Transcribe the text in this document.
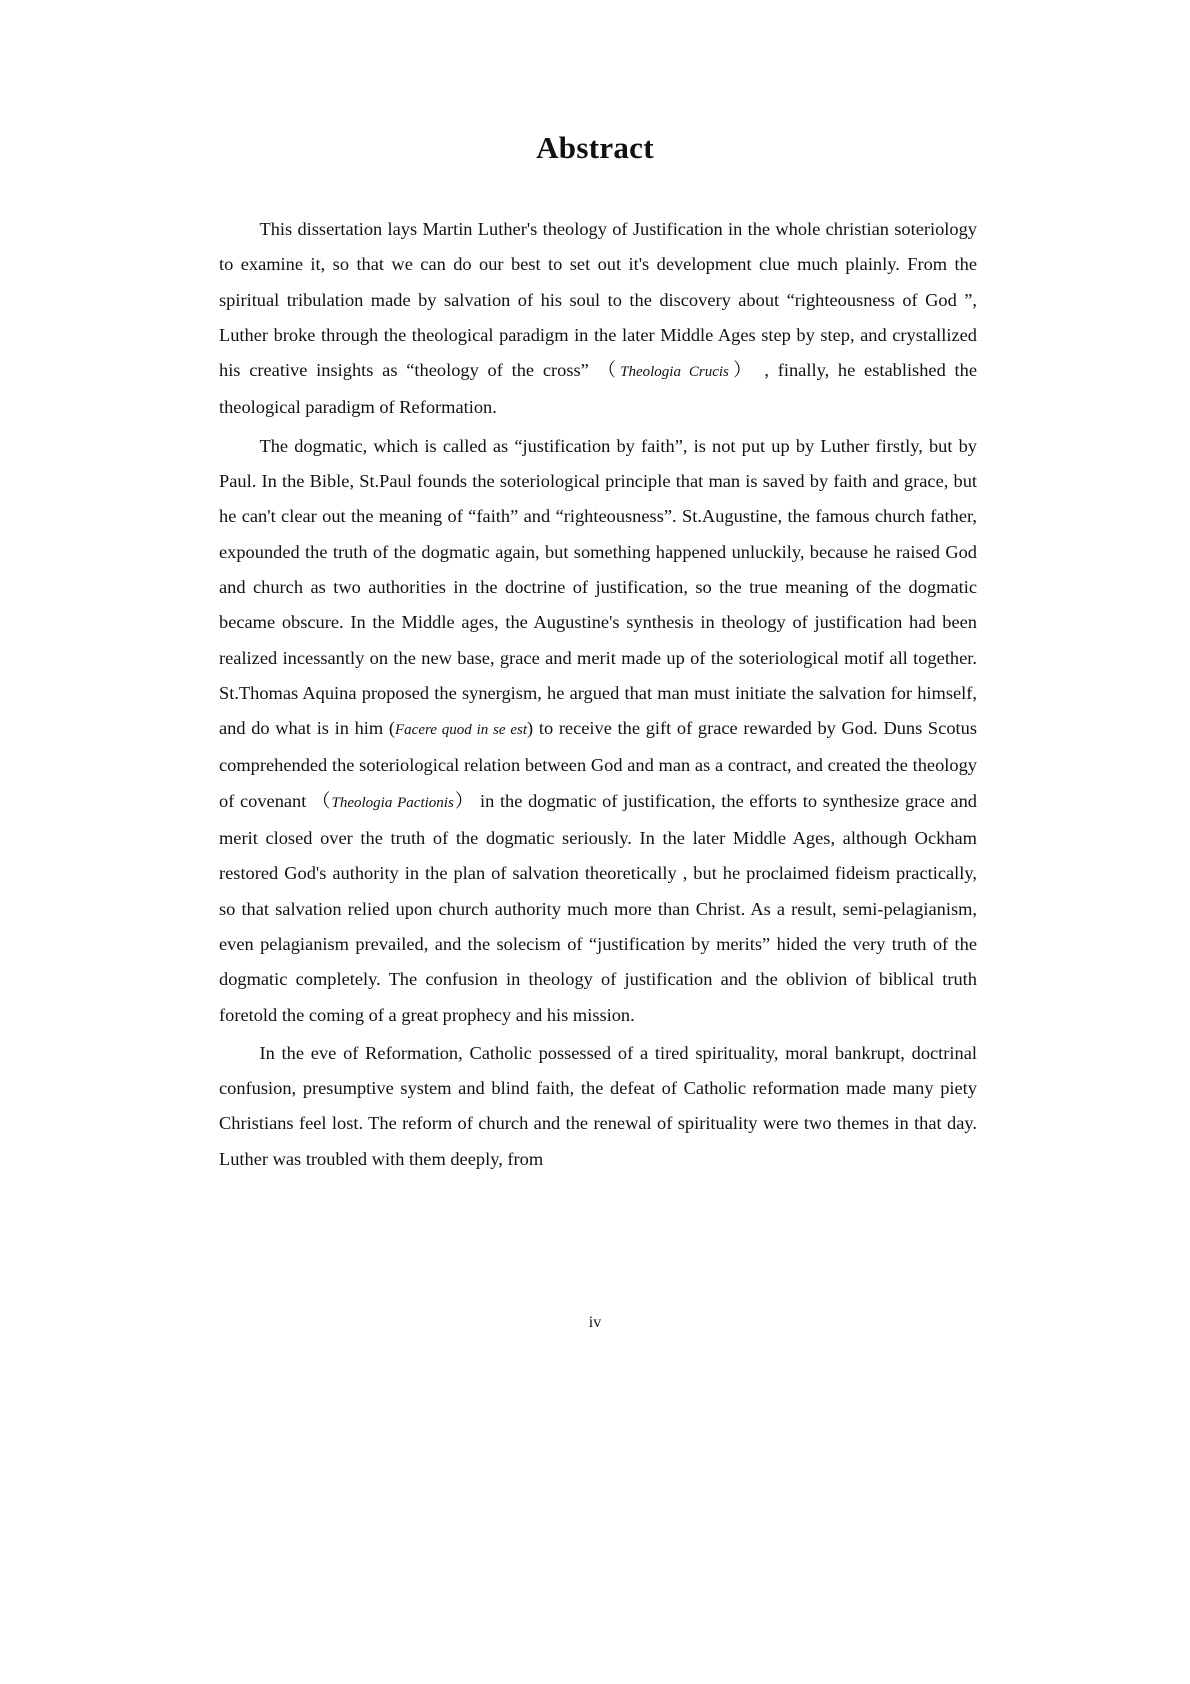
Abstract

This dissertation lays Martin Luther's theology of Justification in the whole christian soteriology to examine it, so that we can do our best to set out it's development clue much plainly. From the spiritual tribulation made by salvation of his soul to the discovery about “righteousness of God ”, Luther broke through the theological paradigm in the later Middle Ages step by step, and crystallized his creative insights as “theology of the cross” （Theologia Crucis） , finally, he established the theological paradigm of Reformation.

The dogmatic, which is called as “justification by faith”, is not put up by Luther firstly, but by Paul. In the Bible, St.Paul founds the soteriological principle that man is saved by faith and grace, but he can't clear out the meaning of “faith” and “righteousness”. St.Augustine, the famous church father, expounded the truth of the dogmatic again, but something happened unluckily, because he raised God and church as two authorities in the doctrine of justification, so the true meaning of the dogmatic became obscure. In the Middle ages, the Augustine's synthesis in theology of justification had been realized incessantly on the new base, grace and merit made up of the soteriological motif all together. St.Thomas Aquina proposed the synergism, he argued that man must initiate the salvation for himself, and do what is in him (Facere quod in se est) to receive the gift of grace rewarded by God. Duns Scotus comprehended the soteriological relation between God and man as a contract, and created the theology of covenant （Theologia Pactionis） in the dogmatic of justification, the efforts to synthesize grace and merit closed over the truth of the dogmatic seriously. In the later Middle Ages, although Ockham restored God's authority in the plan of salvation theoretically , but he proclaimed fideism practically, so that salvation relied upon church authority much more than Christ. As a result, semi-pelagianism, even pelagianism prevailed, and the solecism of “justification by merits” hided the very truth of the dogmatic completely. The confusion in theology of justification and the oblivion of biblical truth foretold the coming of a great prophecy and his mission.

In the eve of Reformation, Catholic possessed of a tired spirituality, moral bankrupt, doctrinal confusion, presumptive system and blind faith, the defeat of Catholic reformation made many piety Christians feel lost. The reform of church and the renewal of spirituality were two themes in that day. Luther was troubled with them deeply, from

iv
